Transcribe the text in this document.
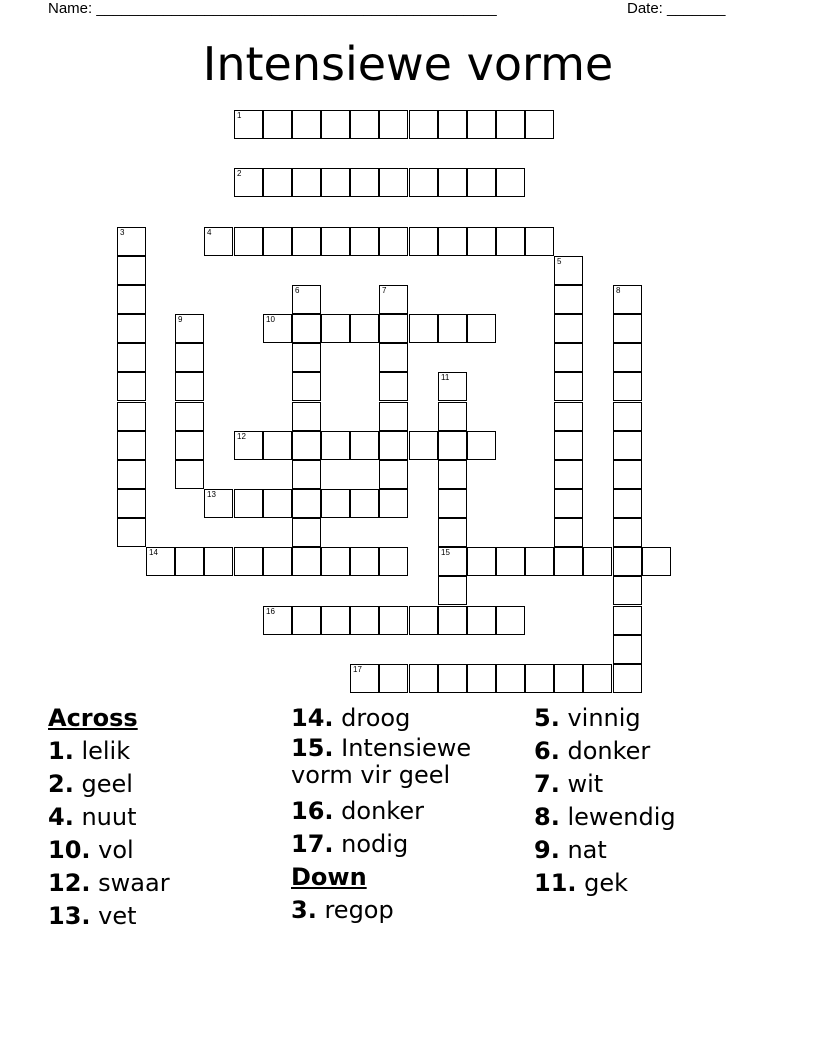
Name: ________________________________________________	Date: _______
Intensiewe vorme
1
2
3	4
5
6	7	8
9	10
11
15
12
13
14
16
17
Across
1. lelik
2. geel
4. nuut
10. vol
12. swaar
13. vet
14. droog
15. Intensiewe vorm vir geel
16. donker
17. nodig
Down
3. regop
5. vinnig
6. donker
7. wit
8. lewendig
9. nat
11. gek
